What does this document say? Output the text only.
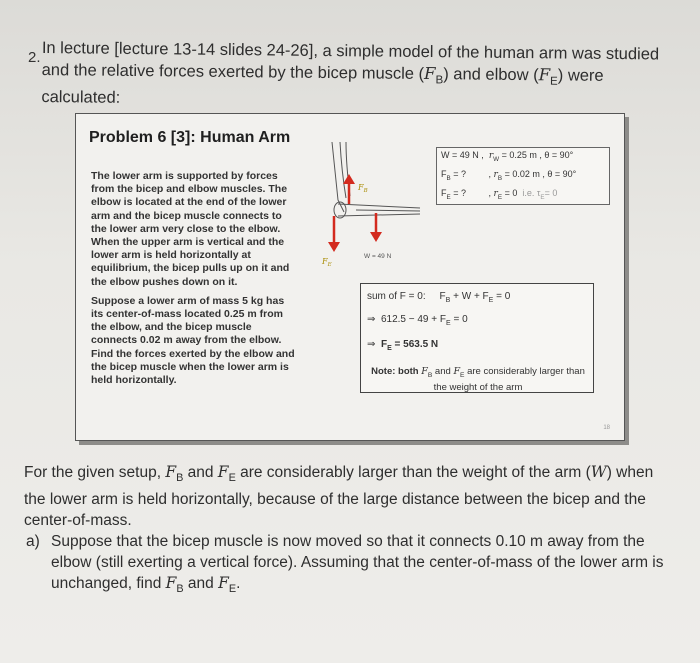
2. In lecture [lecture 13-14 slides 24-26], a simple model of the human arm was studied and the relative forces exerted by the bicep muscle $(F_B)$ and elbow $(F_E)$ were calculated:
Problem 6 [3]: Human Arm

The lower arm is supported by forces from the bicep and elbow muscles. The elbow is located at the end of the lower arm and the bicep muscle connects to the lower arm very close to the elbow. When the upper arm is vertical and the lower arm is held horizontally at equilibrium, the bicep pulls up on it and the elbow pushes down on it.

Suppose a lower arm of mass 5 kg has its center-of-mass located 0.25 m from the elbow, and the bicep muscle connects 0.02 m away from the elbow. Find the forces exerted by the elbow and the bicep muscle when the lower arm is held horizontally.

$F_B$
$F_E$
W = 49 N
W = 49 N , $r_W = 0.25$ m , θ = 90°
$F_B$ = ?	, $r_B = 0.02$ m , θ = 90°
$F_E$ = ?	, $r_E = 0$ i.e. $\tau_E= 0$
sum of F = 0: $F_B + W + F_E = 0$
⇒ $612.5 - 49 + F_E = 0$
⇒ $F_E = 563.5$ N
Note: both $F_B$ and $F_E$ are considerably larger than the weight of the arm
18
For the given setup, $F_B$ and $F_E$ are considerably larger than the weight of the arm (W) when the lower arm is held horizontally, because of the large distance between the bicep and the center-of-mass.
a) Suppose that the bicep muscle is now moved so that it connects 0.10 m away from the elbow (still exerting a vertical force). Assuming that the center-of-mass of the lower arm is unchanged, find $F_B$ and $F_E$.
